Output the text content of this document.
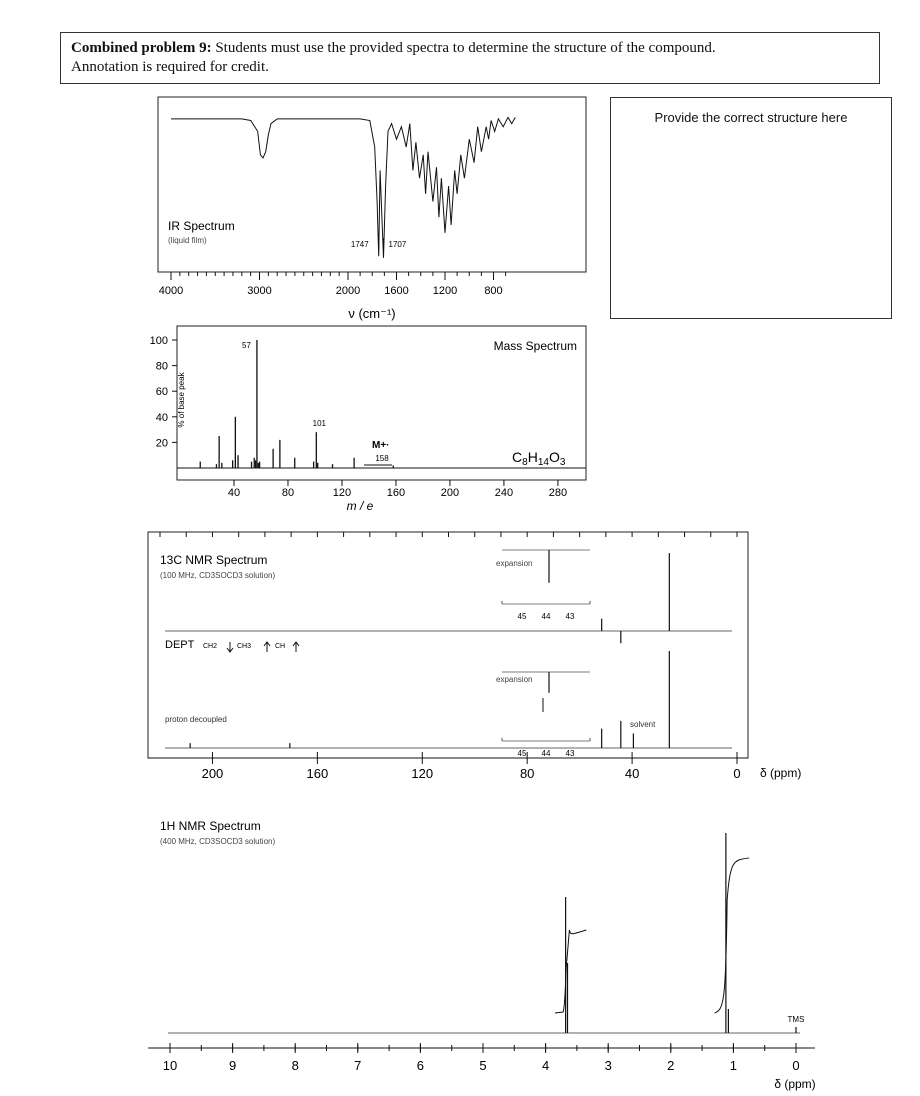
Combined problem 9: Students must use the provided spectra to determine the structure of the compound.
Annotation is required for credit.
Provide the correct structure here
IR Spectrum
(liquid film)
ν (cm⁻¹)
4000	3000	2000 1600 1200 800
1747 1707
Mass Spectrum
% of base peak
m / e
$C_8H_{14}O_3$
M+·
40	80	120	160	200	240	280
100
80
60
40
20
57
101
158
13C NMR Spectrum
(100 MHz, CD3SOCD3 solution)
DEPT CH2	CH3	CH
proton decoupled
expansion
expansion
solvent
δ (ppm)
45 44 43
45 44 43
200	160	120	80	40	0
1H NMR Spectrum
(400 MHz, CD3SOCD3 solution)
TMS
δ (ppm)
10	9	8	7	6	5	4	3	2	1	0
